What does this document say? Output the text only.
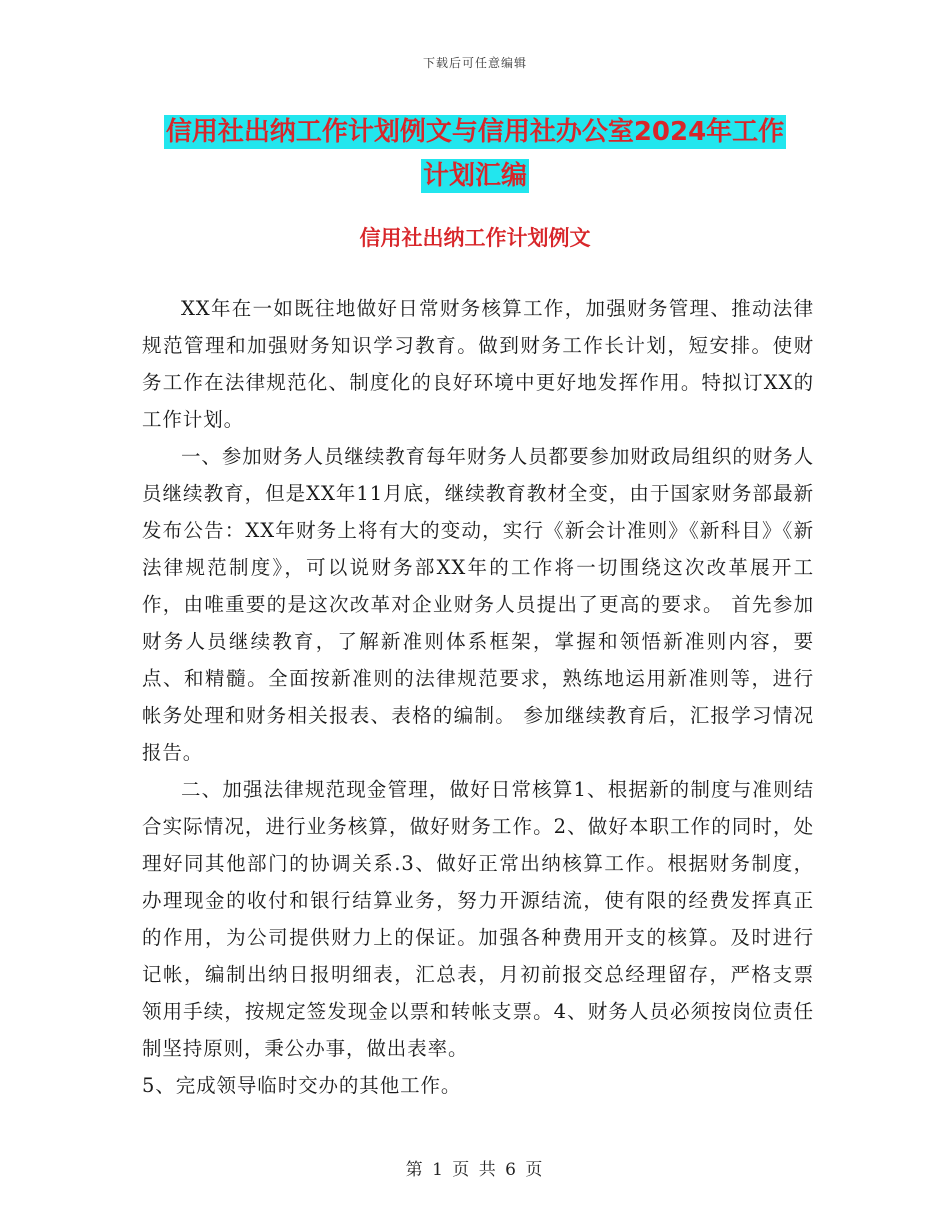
下载后可任意编辑
信用社出纳工作计划例文与信用社办公室2024年工作
计划汇编
信用社出纳工作计划例文

XX年在一如既往地做好日常财务核算工作，加强财务管理、推动法律规范管理和加强财务知识学习教育。做到财务工作长计划，短安排。使财务工作在法律规范化、制度化的良好环境中更好地发挥作用。特拟订XX的工作计划。

一、参加财务人员继续教育每年财务人员都要参加财政局组织的财务人员继续教育，但是XX年11月底，继续教育教材全变，由于国家财务部最新发布公告：XX年财务上将有大的变动，实行《新会计准则》《新科目》《新法律规范制度》，可以说财务部XX年的工作将一切围绕这次改革展开工作，由唯重要的是这次改革对企业财务人员提出了更高的要求。 首先参加财务人员继续教育，了解新准则体系框架，掌握和领悟新准则内容，要点、和精髓。全面按新准则的法律规范要求，熟练地运用新准则等，进行帐务处理和财务相关报表、表格的编制。 参加继续教育后，汇报学习情况报告。

二、加强法律规范现金管理，做好日常核算1、根据新的制度与准则结合实际情况，进行业务核算，做好财务工作。2、做好本职工作的同时，处理好同其他部门的协调关系.3、做好正常出纳核算工作。根据财务制度，办理现金的收付和银行结算业务，努力开源结流，使有限的经费发挥真正的作用，为公司提供财力上的保证。加强各种费用开支的核算。及时进行记帐，编制出纳日报明细表，汇总表，月初前报交总经理留存，严格支票领用手续，按规定签发现金以票和转帐支票。4、财务人员必须按岗位责任制坚持原则，秉公办事，做出表率。

5、完成领导临时交办的其他工作。

第 1 页 共 6 页
